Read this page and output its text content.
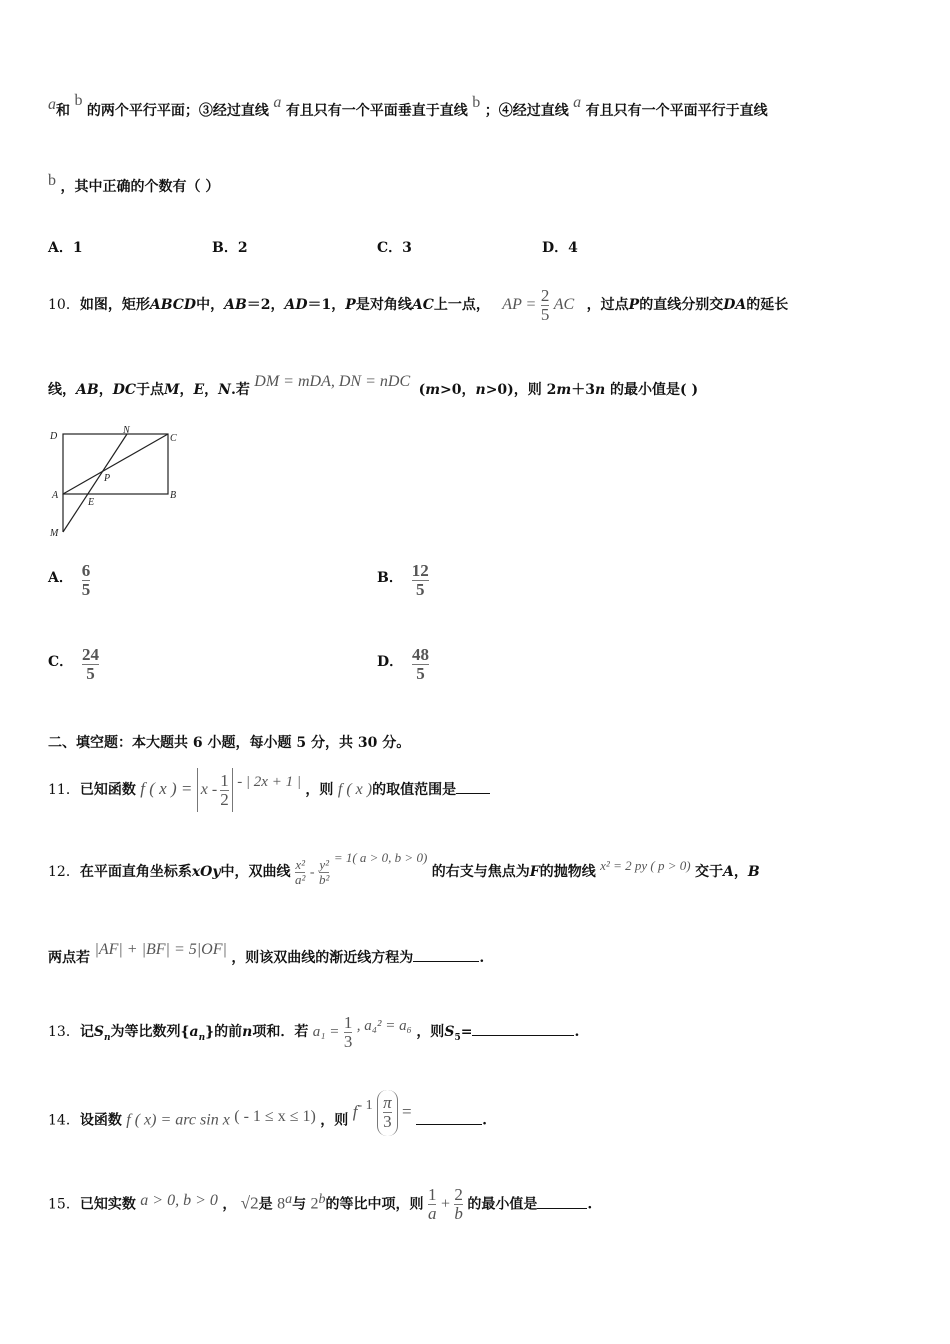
a和 b 的两个平行平面；③经过直线 a 有且只有一个平面垂直于直线 b ；④经过直线 a 有且只有一个平面平行于直线
b ，其中正确的个数有（ ）
A．1	B．2	C．3	D．4
10．如图，矩形ABCD中，AB＝2，AD＝1，P是对角线AC上一点， AP = $\frac{2}{5}$ AC ，过点P的直线分别交DA的延长
线，AB，DC于点M，E，N.若 DM = mDA, DN = nDC (m>0，n>0)，则 2m＋3n 的最小值是( )
D
N
C
P
A
E
B
M
A． $\frac{6}{5}$	B． $\frac{12}{5}$
C． $\frac{24}{5}$	D． $\frac{48}{5}$
二、填空题：本大题共 6 小题，每小题 5 分，共 30 分。
11．已知函数 f ( x ) = x - $\frac{1}{2}$ - | 2x + 1 | ，则 f ( x )的取值范围是
12．在平面直角坐标系xOy中，双曲线 $\frac{\text{x²}}{\text{a²}} - \frac{\text{y²}}{\text{b²}}$
= 1( a > 0, b > 0) 的右支与焦点为F的抛物线 x² = 2 py ( p > 0) 交于A，B
两点若 |AF| + |BF| = 5|OF| ，则该双曲线的渐近线方程为	.
13．记$S_n$为等比数列$\{a_n\}$的前n项和．若 $a_1 = \frac{1}{3}$ , a₄² = a₆ ，则$S_5=$	.
14．设函数 f ( x) = arc sin x ( - 1 ≤ x ≤ 1) ，则 $f^{- 1} \frac{\pi}{3}$ =	.
15．已知实数 a > 0, b > 0 ， √2是 8$^a$与 2$^b$的等比中项，则 $\frac{1}{a} + \frac{2}{b}$ 的最小值是	.
